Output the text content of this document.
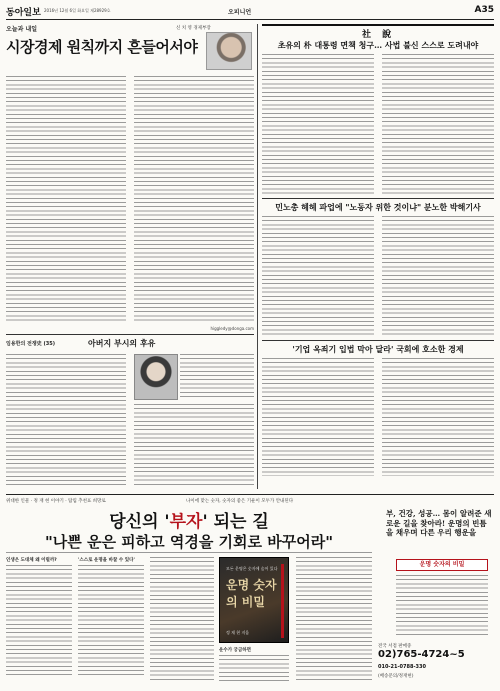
동아일보 2016년 12월 6일 화요일 제28929호	오피니언	A35
오늘과 내일	신 치 영 경제부장
시장경제 원칙까지 흔들어서야
higgledy@donga.com
임용한의 전쟁史 (35)	아버지 부시의 후유
社 說
초유의 朴 대통령 면책 청구… 사법 불신 스스로 도려내야
민노총 헤헤 파업에 "노동자 위한 것이냐" 분노한 박해기사
'기업 옥죄기 입법 막아 달라' 국회에 호소한 경제
위대한 인물 · 정 재 현 이야기 · 탑립 추천표 희망로	나이에 맞는 숫자, 숫자의 좋은 기운이 모두가 안내된다
당신의 '부자' 되는 길
"나쁜 운은 피하고 역경을 기회로 바꾸어라"
인생은 도대체 왜 이럴까?	'스스로 운명을 바꿀 수 있다'
모든 운명은 숫자에 숨어 있다
운명 숫자의 비밀
정 재 현 지음
운수가 궁금하면
부, 건강, 성공… 몸이 알려준 새로운 길을 찾아라! 운명의 빈틈을 채우며 다른 우리 행운을
운명 숫자의 비밀
전국 서점 판매중
02)765-4724~5
010-21-0788-330
(배송문의/정재현)
